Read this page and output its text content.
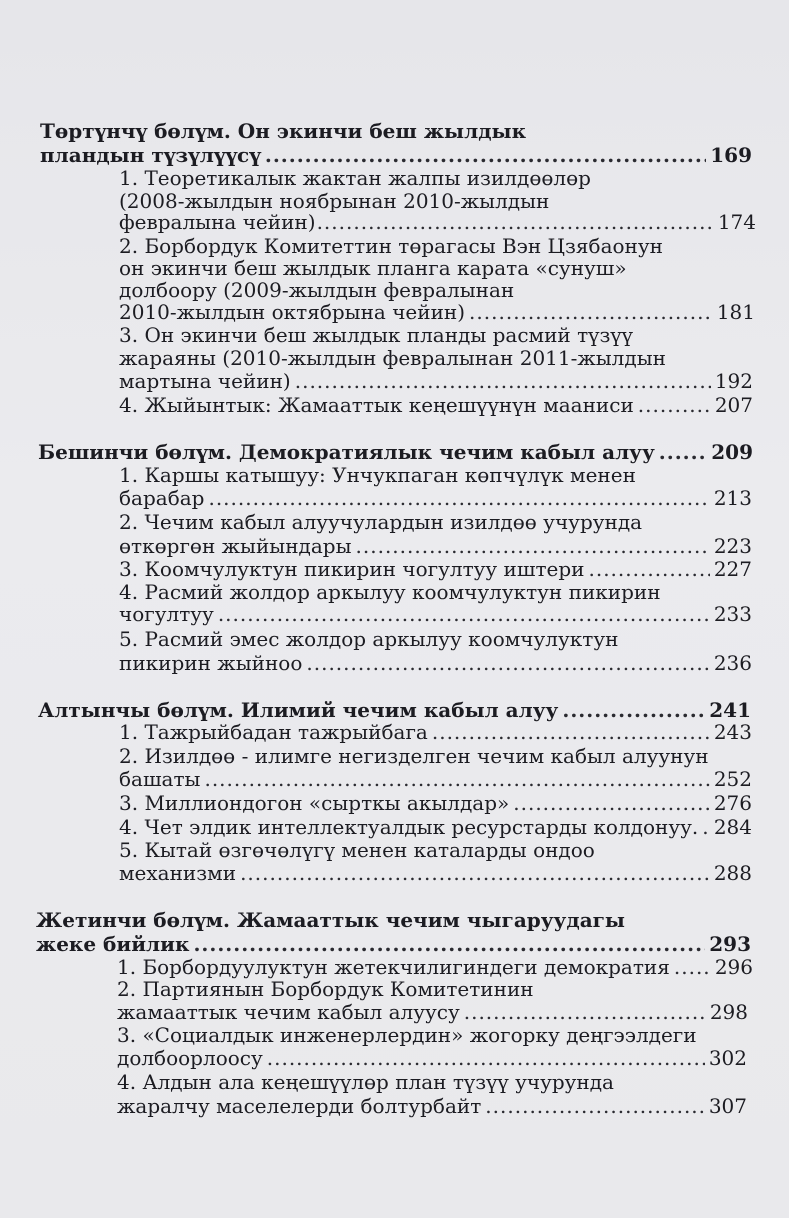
Төртүнчү бөлүм. Он экинчи беш жылдык
пландын түзүлүүсү .....	169
1. Теоретикалык жактан жалпы изилдөөлөр
(2008-жылдын ноябрынан 2010-жылдын
февралына чейин) .....	174
2. Борбордук Комитеттин төрагасы Вэн Цзябаонун
он экинчи беш жылдык планга карата «сунуш»
долбоору (2009-жылдын февралынан
2010-жылдын октябрына чейин) .....	181
3. Он экинчи беш жылдык планды расмий түзүү
жараяны (2010-жылдын февралынан 2011-жылдын
мартына чейин) .....	192
4. Жыйынтык: Жамааттык кеңешүүнүн мааниси .....	207
Бешинчи бөлүм. Демократиялык чечим кабыл алуу .....	209
1. Каршы катышуу: Унчукпаган көпчүлүк менен
барабар .....	213
2. Чечим кабыл алуучулардын изилдөө учурунда
өткөргөн жыйындары .....	223
3. Коомчулуктун пикирин чогултуу иштери .....	227
4. Расмий жолдор аркылуу коомчулуктун пикирин
чогултуу .....	233
5. Расмий эмес жолдор аркылуу коомчулуктун
пикирин жыйноо .....	236
Алтынчы бөлүм. Илимий чечим кабыл алуу .....	241
1. Тажрыйбадан тажрыйбага .....	243
2. Изилдөө - илимге негизделген чечим кабыл алуунун
башаты .....	252
3. Миллиондогон «сырткы акылдар» .....	276
4. Чет элдик интеллектуалдык ресурстарды колдонуу. ..... 284
5. Кытай өзгөчөлүгү менен каталарды ондоо
механизми .....	288
Жетинчи бөлүм. Жамааттык чечим чыгаруудагы
жеке бийлик .....	293
1. Борбордуулуктун жетекчилигиндеги демократия ..... 296
2. Партиянын Борбордук Комитетинин
жамааттык чечим кабыл алуусу .....	298
3. «Социалдык инженерлердин» жогорку деңгээлдеги
долбоорлоосу .....	302
4. Алдын ала кеңешүүлөр план түзүү учурунда
жаралчу маселелерди болтурбайт .....	307
